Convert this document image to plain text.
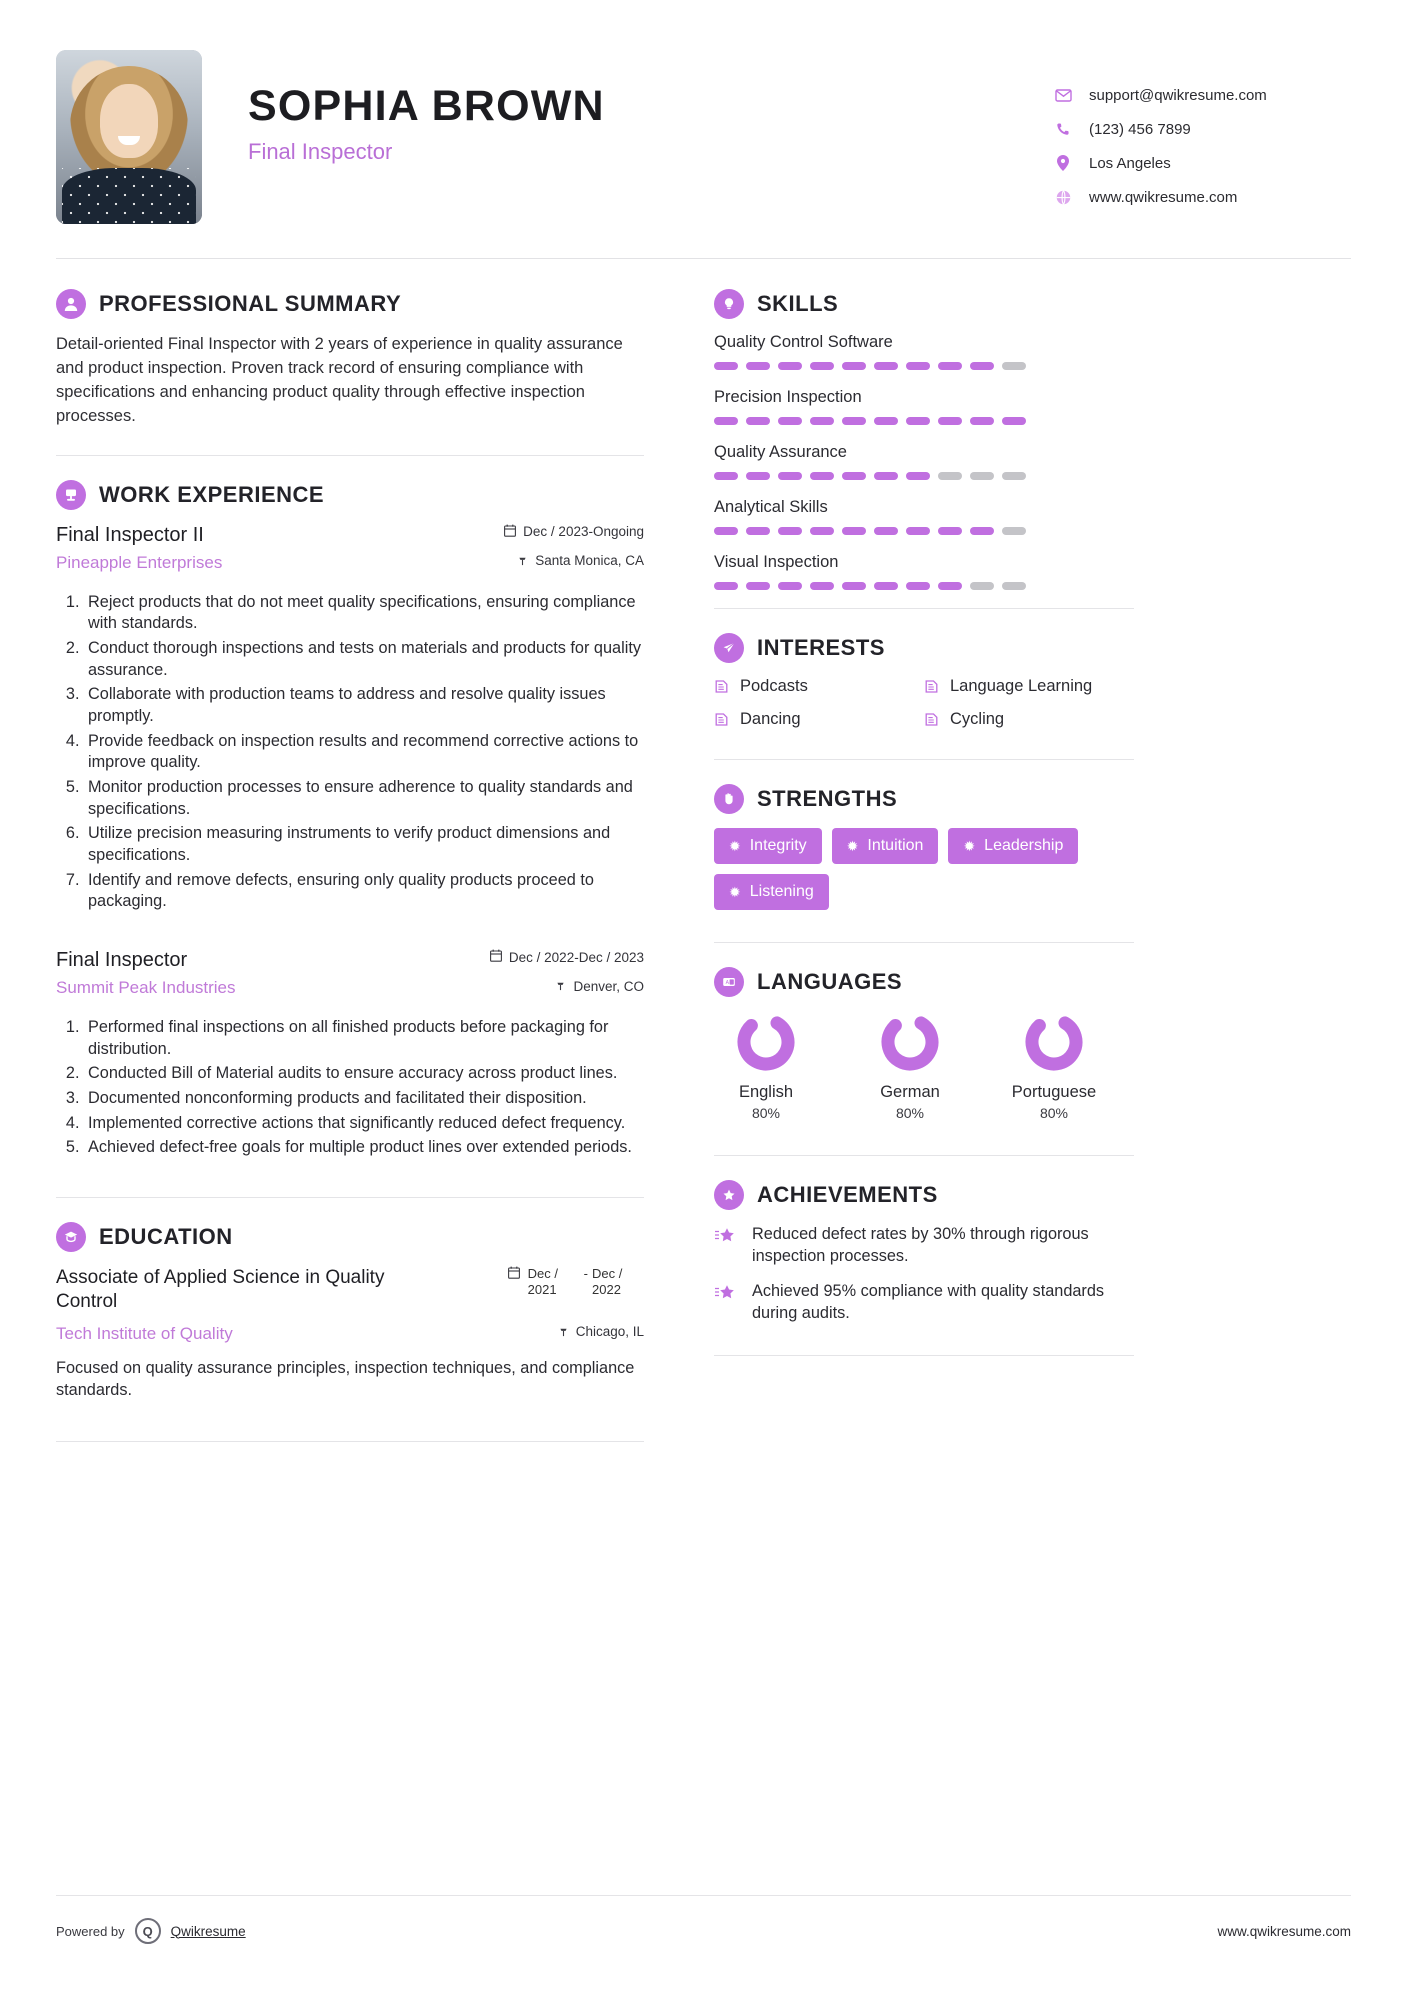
SOPHIA BROWN
Final Inspector
support@qwikresume.com
(123) 456 7899
Los Angeles
www.qwikresume.com
PROFESSIONAL SUMMARY
Detail-oriented Final Inspector with 2 years of experience in quality assurance and product inspection. Proven track record of ensuring compliance with specifications and enhancing product quality through effective inspection processes.
WORK EXPERIENCE
Final Inspector II	Dec / 2023-Ongoing
Pineapple Enterprises	Santa Monica, CA
1. Reject products that do not meet quality specifications, ensuring compliance with standards.
2. Conduct thorough inspections and tests on materials and products for quality assurance.
3. Collaborate with production teams to address and resolve quality issues promptly.
4. Provide feedback on inspection results and recommend corrective actions to improve quality.
5. Monitor production processes to ensure adherence to quality standards and specifications.
6. Utilize precision measuring instruments to verify product dimensions and specifications.
7. Identify and remove defects, ensuring only quality products proceed to packaging.
Final Inspector	Dec / 2022-Dec / 2023
Summit Peak Industries	Denver, CO
1. Performed final inspections on all finished products before packaging for distribution.
2. Conducted Bill of Material audits to ensure accuracy across product lines.
3. Documented nonconforming products and facilitated their disposition.
4. Implemented corrective actions that significantly reduced defect frequency.
5. Achieved defect-free goals for multiple product lines over extended periods.
EDUCATION
Associate of Applied Science in Quality Control
Dec / 2021
- Dec / 2022
Tech Institute of Quality	Chicago, IL
Focused on quality assurance principles, inspection techniques, and compliance standards.
SKILLS
Quality Control Software
Precision Inspection
Quality Assurance
Analytical Skills
Visual Inspection
INTERESTS
Podcasts	Language Learning
Dancing	Cycling
STRENGTHS
✹ Integrity	✹ Intuition	✹ Leadership
✹ Listening
A LANGUAGES
English
80%
German
80%
Portuguese
80%
ACHIEVEMENTS
Reduced defect rates by 30% through rigorous inspection processes.
Achieved 95% compliance with quality standards during audits.
Powered by	Q	Qwikresume	www.qwikresume.com
